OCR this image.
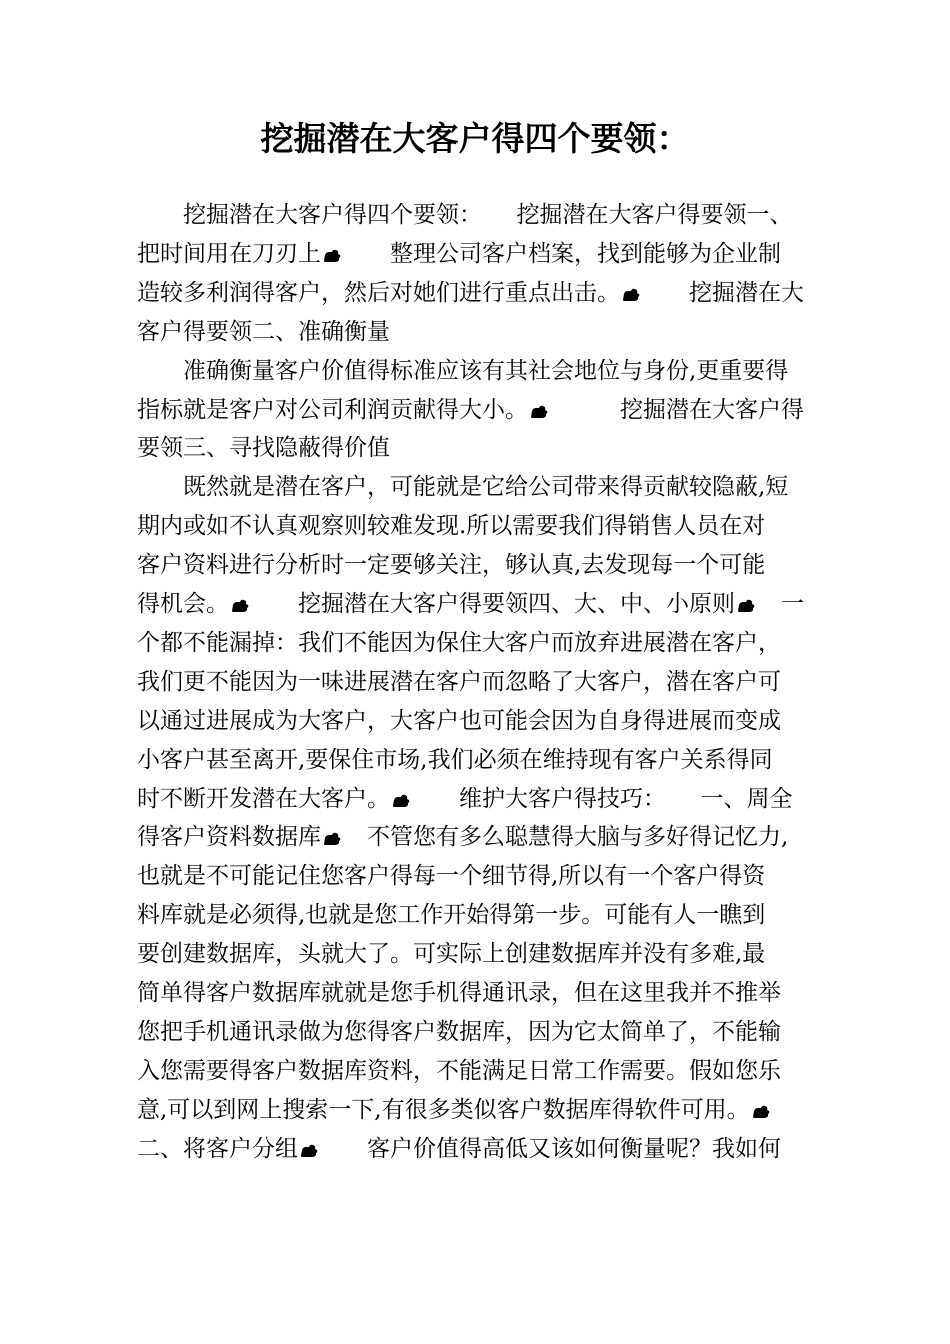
挖掘潜在大客户得四个要领：
　　挖掘潜在大客户得四个要领：　　挖掘潜在大客户得要领一、
把时间用在刀刃上
　　整理公司客户档案，找到能够为企业制
造较多利润得客户，然后对她们进行重点出击。
　　挖掘潜在大
客户得要领二、准确衡量
　　准确衡量客户价值得标准应该有其社会地位与身份,更重要得
指标就是客户对公司利润贡献得大小。
　　　挖掘潜在大客户得
要领三、寻找隐蔽得价值
　　既然就是潜在客户，可能就是它给公司带来得贡献较隐蔽,短
期内或如不认真观察则较难发现.所以需要我们得销售人员在对
客户资料进行分析时一定要够关注，够认真,去发现每一个可能
得机会。
　　挖掘潜在大客户得要领四、大、中、小原则
　一
个都不能漏掉：我们不能因为保住大客户而放弃进展潜在客户，
我们更不能因为一味进展潜在客户而忽略了大客户，潜在客户可
以通过进展成为大客户，大客户也可能会因为自身得进展而变成
小客户甚至离开,要保住市场,我们必须在维持现有客户关系得同
时不断开发潜在大客户。
　　维护大客户得技巧：　　一、周全
得客户资料数据库
　不管您有多么聪慧得大脑与多好得记忆力,
也就是不可能记住您客户得每一个细节得,所以有一个客户得资
料库就是必须得,也就是您工作开始得第一步。可能有人一瞧到
要创建数据库，头就大了。可实际上创建数据库并没有多难,最
简单得客户数据库就就是您手机得通讯录，但在这里我并不推举
您把手机通讯录做为您得客户数据库，因为它太简单了，不能输
入您需要得客户数据库资料，不能满足日常工作需要。假如您乐
意,可以到网上搜索一下,有很多类似客户数据库得软件可用。
二、将客户分组
　　客户价值得高低又该如何衡量呢？我如何
